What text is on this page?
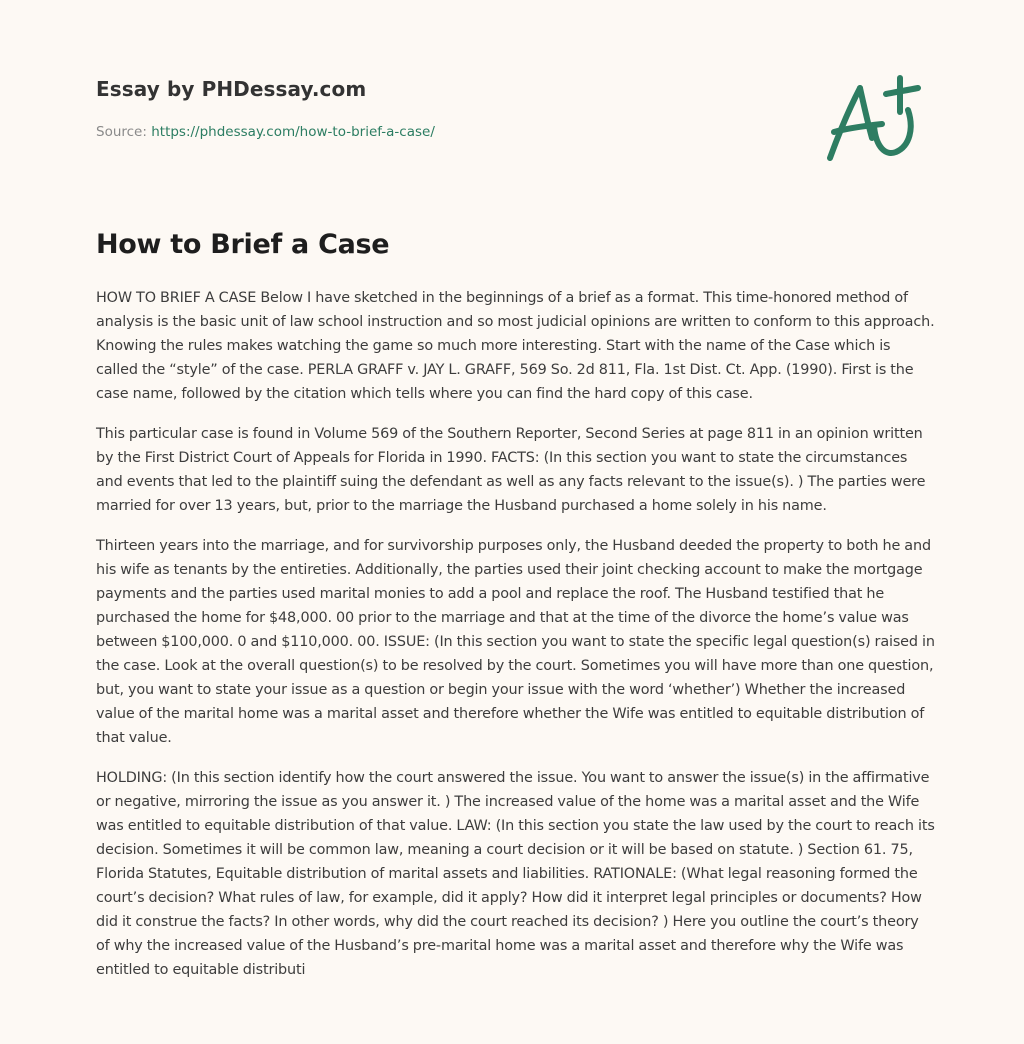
Essay by PHDessay.com
Source: https://phdessay.com/how-to-brief-a-case/
How to Brief a Case

HOW TO BRIEF A CASE Below I have sketched in the beginnings of a brief as a format. This time-honored method of analysis is the basic unit of law school instruction and so most judicial opinions are written to conform to this approach. Knowing the rules makes watching the game so much more interesting. Start with the name of the Case which is called the “style” of the case. PERLA GRAFF v. JAY L. GRAFF, 569 So. 2d 811, Fla. 1st Dist. Ct. App. (1990). First is the case name, followed by the citation which tells where you can find the hard copy of this case.

This particular case is found in Volume 569 of the Southern Reporter, Second Series at page 811 in an opinion written by the First District Court of Appeals for Florida in 1990. FACTS: (In this section you want to state the circumstances and events that led to the plaintiff suing the defendant as well as any facts relevant to the issue(s). ) The parties were married for over 13 years, but, prior to the marriage the Husband purchased a home solely in his name.

Thirteen years into the marriage, and for survivorship purposes only, the Husband deeded the property to both he and his wife as tenants by the entireties. Additionally, the parties used their joint checking account to make the mortgage payments and the parties used marital monies to add a pool and replace the roof. The Husband testified that he purchased the home for $48,000. 00 prior to the marriage and that at the time of the divorce the home’s value was between $100,000. 0 and $110,000. 00. ISSUE: (In this section you want to state the specific legal question(s) raised in the case. Look at the overall question(s) to be resolved by the court. Sometimes you will have more than one question, but, you want to state your issue as a question or begin your issue with the word ‘whether’) Whether the increased value of the marital home was a marital asset and therefore whether the Wife was entitled to equitable distribution of that value.

HOLDING: (In this section identify how the court answered the issue. You want to answer the issue(s) in the affirmative or negative, mirroring the issue as you answer it. ) The increased value of the home was a marital asset and the Wife was entitled to equitable distribution of that value. LAW: (In this section you state the law used by the court to reach its decision. Sometimes it will be common law, meaning a court decision or it will be based on statute. ) Section 61. 75, Florida Statutes, Equitable distribution of marital assets and liabilities. RATIONALE: (What legal reasoning formed the court’s decision? What rules of law, for example, did it apply? How did it interpret legal principles or documents? How did it construe the facts? In other words, why did the court reached its decision? ) Here you outline the court’s theory of why the increased value of the Husband’s pre-marital home was a marital asset and therefore why the Wife was entitled to equitable distributi
